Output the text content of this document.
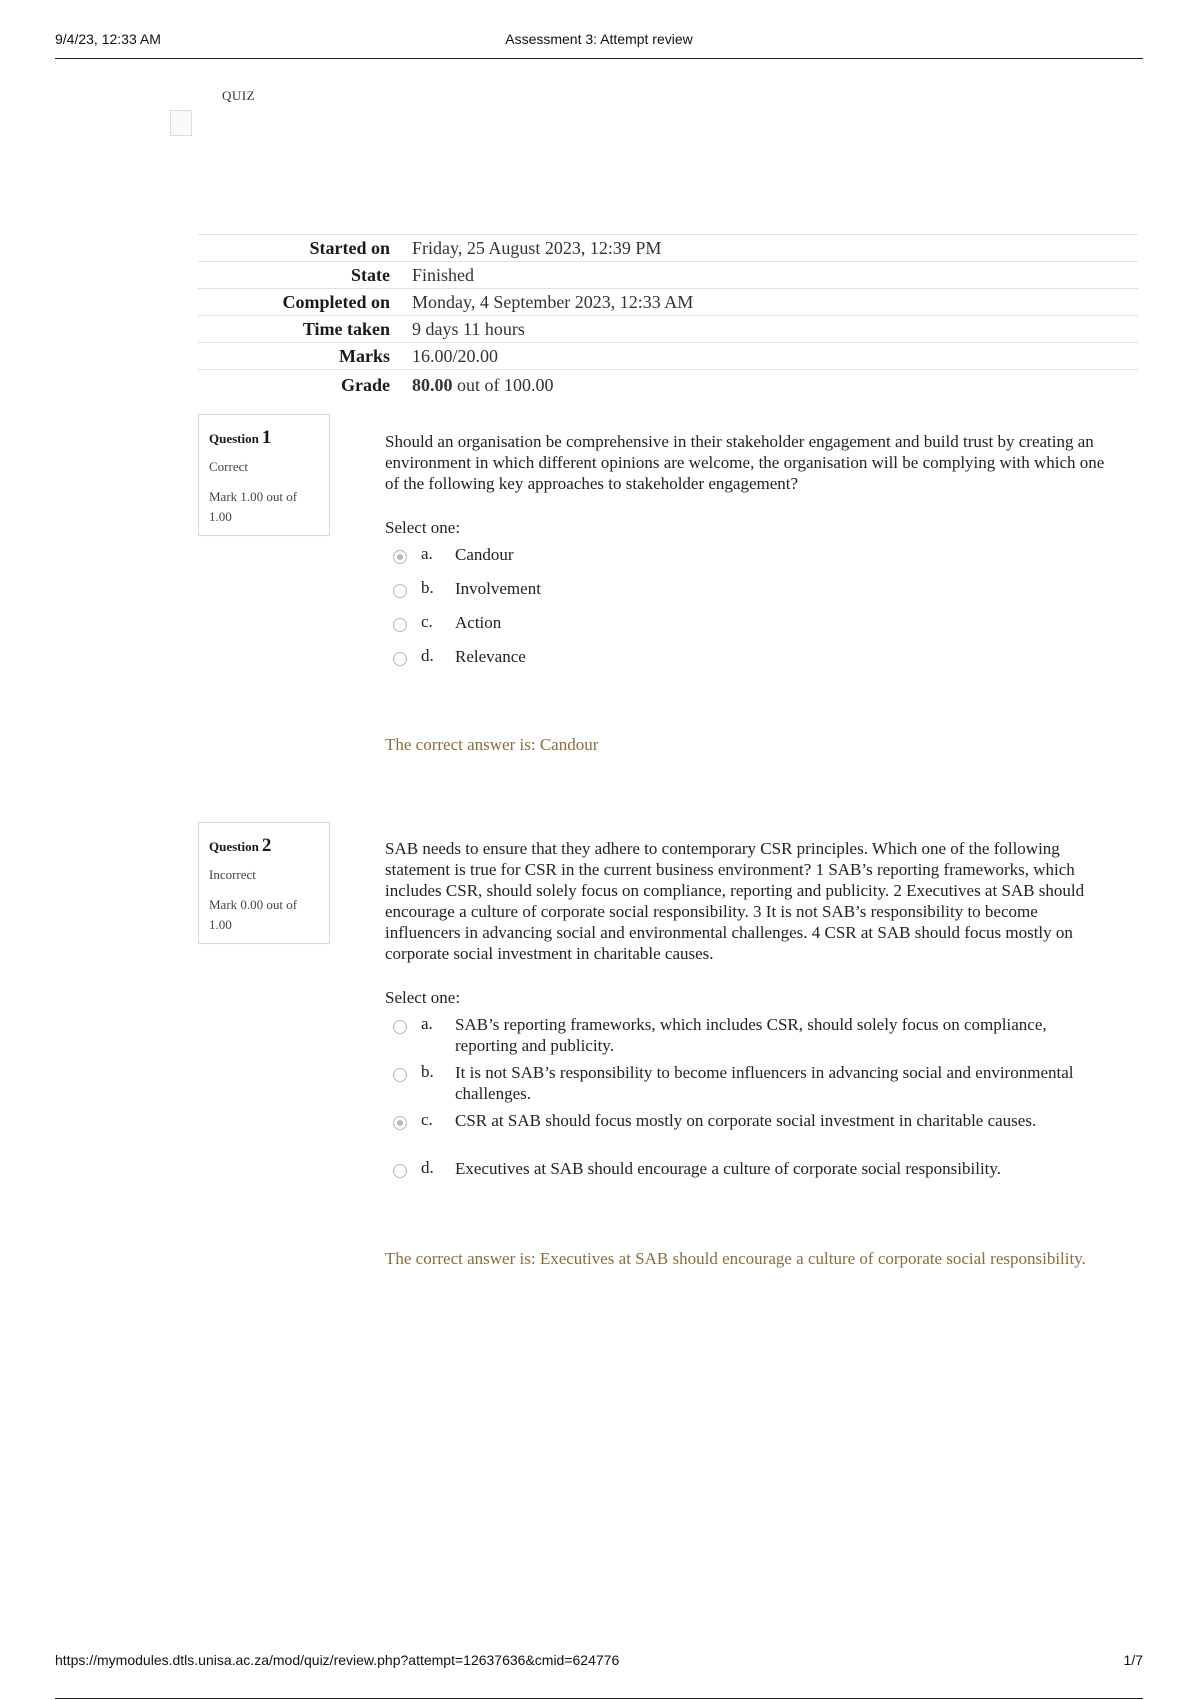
9/4/23, 12:33 AM	Assessment 3: Attempt review
QUIZ
Started on	Friday, 25 August 2023, 12:39 PM
State	Finished
Completed on	Monday, 4 September 2023, 12:33 AM
Time taken	9 days 11 hours
Marks	16.00/20.00
Grade	80.00 out of 100.00
Question 1
Correct
Mark 1.00 out of 1.00

Should an organisation be comprehensive in their stakeholder engagement and build trust by creating an environment in which different opinions are welcome, the organisation will be complying with which one of the following key approaches to stakeholder engagement?

Select one:
a.	Candour
b.	Involvement
c.	Action
d.	Relevance
The correct answer is: Candour
Question 2
Incorrect
Mark 0.00 out of 1.00

SAB needs to ensure that they adhere to contemporary CSR principles. Which one of the following statement is true for CSR in the current business environment? 1 SAB’s reporting frameworks, which includes CSR, should solely focus on compliance, reporting and publicity. 2 Executives at SAB should encourage a culture of corporate social responsibility. 3 It is not SAB’s responsibility to become influencers in advancing social and environmental challenges. 4 CSR at SAB should focus mostly on corporate social investment in charitable causes.

Select one:
a.	SAB’s reporting frameworks, which includes CSR, should solely focus on compliance, reporting and publicity.
b.	It is not SAB’s responsibility to become influencers in advancing social and environmental challenges.
c.	CSR at SAB should focus mostly on corporate social investment in charitable causes.
d.	Executives at SAB should encourage a culture of corporate social responsibility.
The correct answer is: Executives at SAB should encourage a culture of corporate social responsibility.
https://mymodules.dtls.unisa.ac.za/mod/quiz/review.php?attempt=12637636&cmid=624776	1/7
